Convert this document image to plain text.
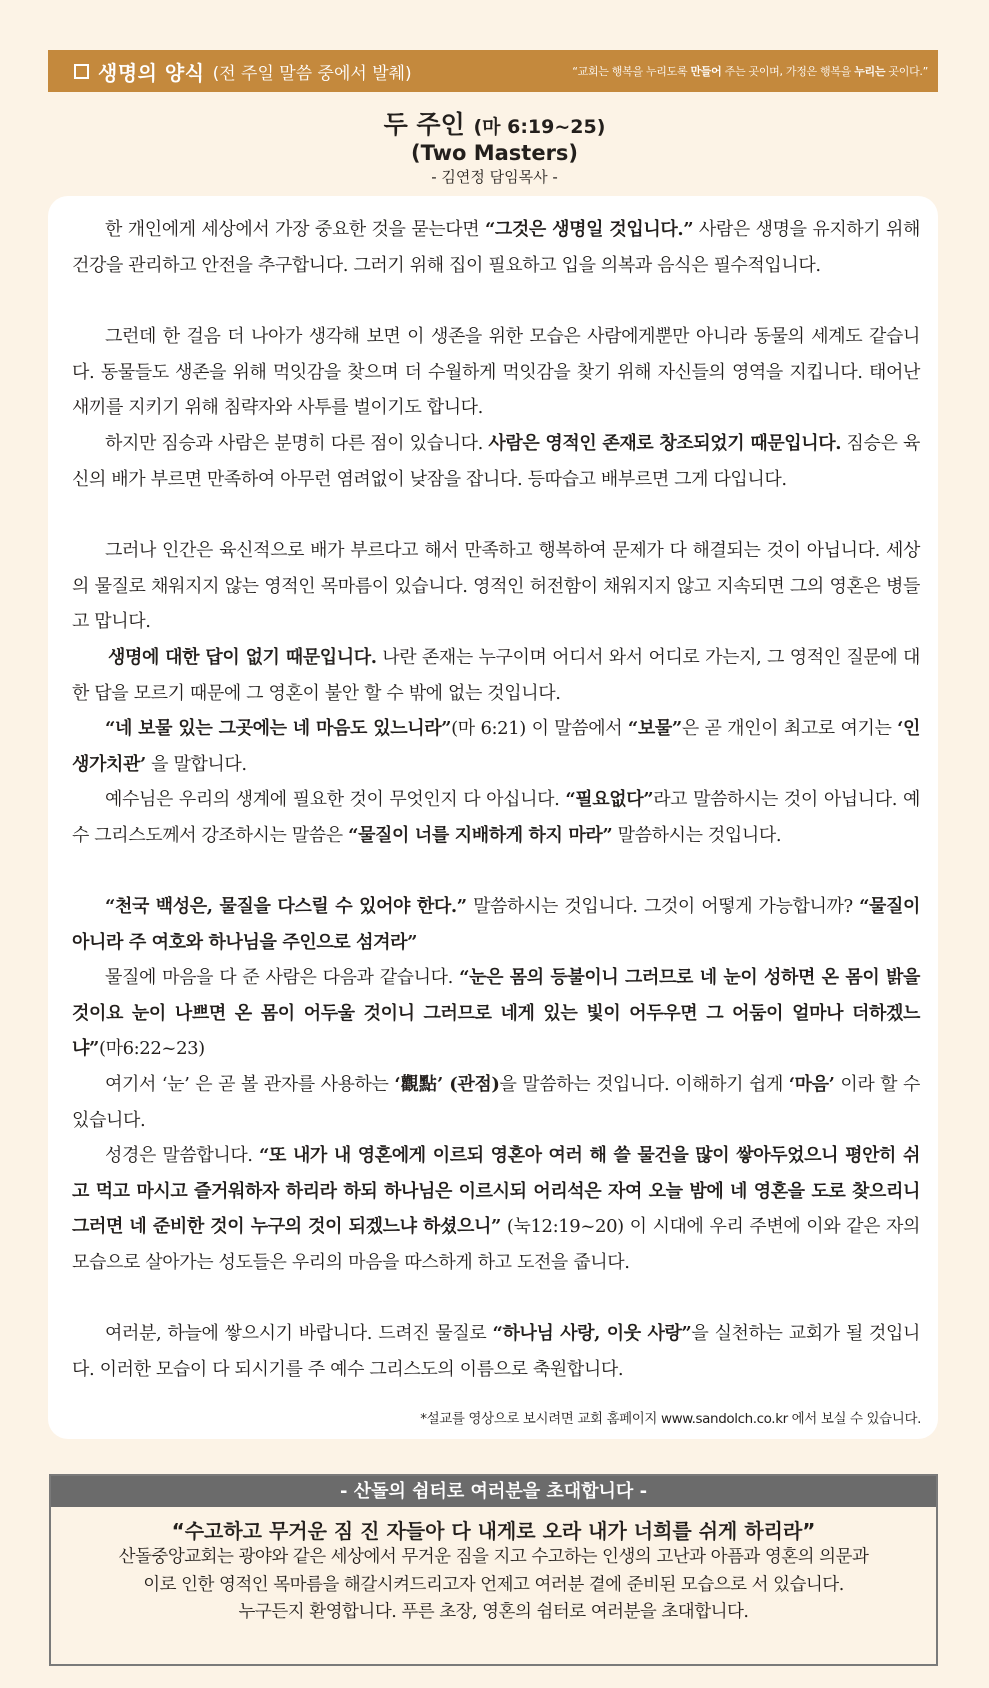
생명의 양식 (전 주일 말씀 중에서 발췌)	“교회는 행복을 누리도록 만들어 주는 곳이며, 가정은 행복을 누리는 곳이다.”
두 주인 (마 6:19~25)
(Two Masters)
- 김연정 담임목사 -

한 개인에게 세상에서 가장 중요한 것을 묻는다면 “그것은 생명일 것입니다.” 사람은 생명을 유지하기 위해 건강을 관리하고 안전을 추구합니다. 그러기 위해 집이 필요하고 입을 의복과 음식은 필수적입니다.

그런데 한 걸음 더 나아가 생각해 보면 이 생존을 위한 모습은 사람에게뿐만 아니라 동물의 세계도 같습니다. 동물들도 생존을 위해 먹잇감을 찾으며 더 수월하게 먹잇감을 찾기 위해 자신들의 영역을 지킵니다. 태어난 새끼를 지키기 위해 침략자와 사투를 벌이기도 합니다.

하지만 짐승과 사람은 분명히 다른 점이 있습니다. 사람은 영적인 존재로 창조되었기 때문입니다. 짐승은 육신의 배가 부르면 만족하여 아무런 염려없이 낮잠을 잡니다. 등따습고 배부르면 그게 다입니다.

그러나 인간은 육신적으로 배가 부르다고 해서 만족하고 행복하여 문제가 다 해결되는 것이 아닙니다. 세상의 물질로 채워지지 않는 영적인 목마름이 있습니다. 영적인 허전함이 채워지지 않고 지속되면 그의 영혼은 병들고 맙니다.

생명에 대한 답이 없기 때문입니다. 나란 존재는 누구이며 어디서 와서 어디로 가는지, 그 영적인 질문에 대한 답을 모르기 때문에 그 영혼이 불안 할 수 밖에 없는 것입니다.

“네 보물 있는 그곳에는 네 마음도 있느니라”(마 6:21) 이 말씀에서 “보물”은 곧 개인이 최고로 여기는 ‘인생가치관’ 을 말합니다.

예수님은 우리의 생계에 필요한 것이 무엇인지 다 아십니다. “필요없다”라고 말씀하시는 것이 아닙니다. 예수 그리스도께서 강조하시는 말씀은 “물질이 너를 지배하게 하지 마라” 말씀하시는 것입니다.

“천국 백성은, 물질을 다스릴 수 있어야 한다.” 말씀하시는 것입니다. 그것이 어떻게 가능합니까? “물질이 아니라 주 여호와 하나님을 주인으로 섬겨라”

물질에 마음을 다 준 사람은 다음과 같습니다. “눈은 몸의 등불이니 그러므로 네 눈이 성하면 온 몸이 밝을 것이요 눈이 나쁘면 온 몸이 어두울 것이니 그러므로 네게 있는 빛이 어두우면 그 어둠이 얼마나 더하겠느냐”(마6:22~23)

여기서 ‘눈’ 은 곧 볼 관자를 사용하는 ‘觀點’ (관점)을 말씀하는 것입니다. 이해하기 쉽게 ‘마음’ 이라 할 수 있습니다.

성경은 말씀합니다. “또 내가 내 영혼에게 이르되 영혼아 여러 해 쓸 물건을 많이 쌓아두었으니 평안히 쉬고 먹고 마시고 즐거워하자 하리라 하되 하나님은 이르시되 어리석은 자여 오늘 밤에 네 영혼을 도로 찾으리니 그러면 네 준비한 것이 누구의 것이 되겠느냐 하셨으니” (눅12:19~20) 이 시대에 우리 주변에 이와 같은 자의 모습으로 살아가는 성도들은 우리의 마음을 따스하게 하고 도전을 줍니다.

여러분, 하늘에 쌓으시기 바랍니다. 드려진 물질로 “하나님 사랑, 이웃 사랑”을 실천하는 교회가 될 것입니다. 이러한 모습이 다 되시기를 주 예수 그리스도의 이름으로 축원합니다.

*설교를 영상으로 보시려면 교회 홈페이지 www.sandolch.co.kr 에서 보실 수 있습니다.
- 산돌의 쉼터로 여러분을 초대합니다 -
“수고하고 무거운 짐 진 자들아 다 내게로 오라 내가 너희를 쉬게 하리라”
산돌중앙교회는 광야와 같은 세상에서 무거운 짐을 지고 수고하는 인생의 고난과 아픔과 영혼의 의문과
이로 인한 영적인 목마름을 해갈시켜드리고자 언제고 여러분 곁에 준비된 모습으로 서 있습니다.
누구든지 환영합니다. 푸른 초장, 영혼의 쉼터로 여러분을 초대합니다.
